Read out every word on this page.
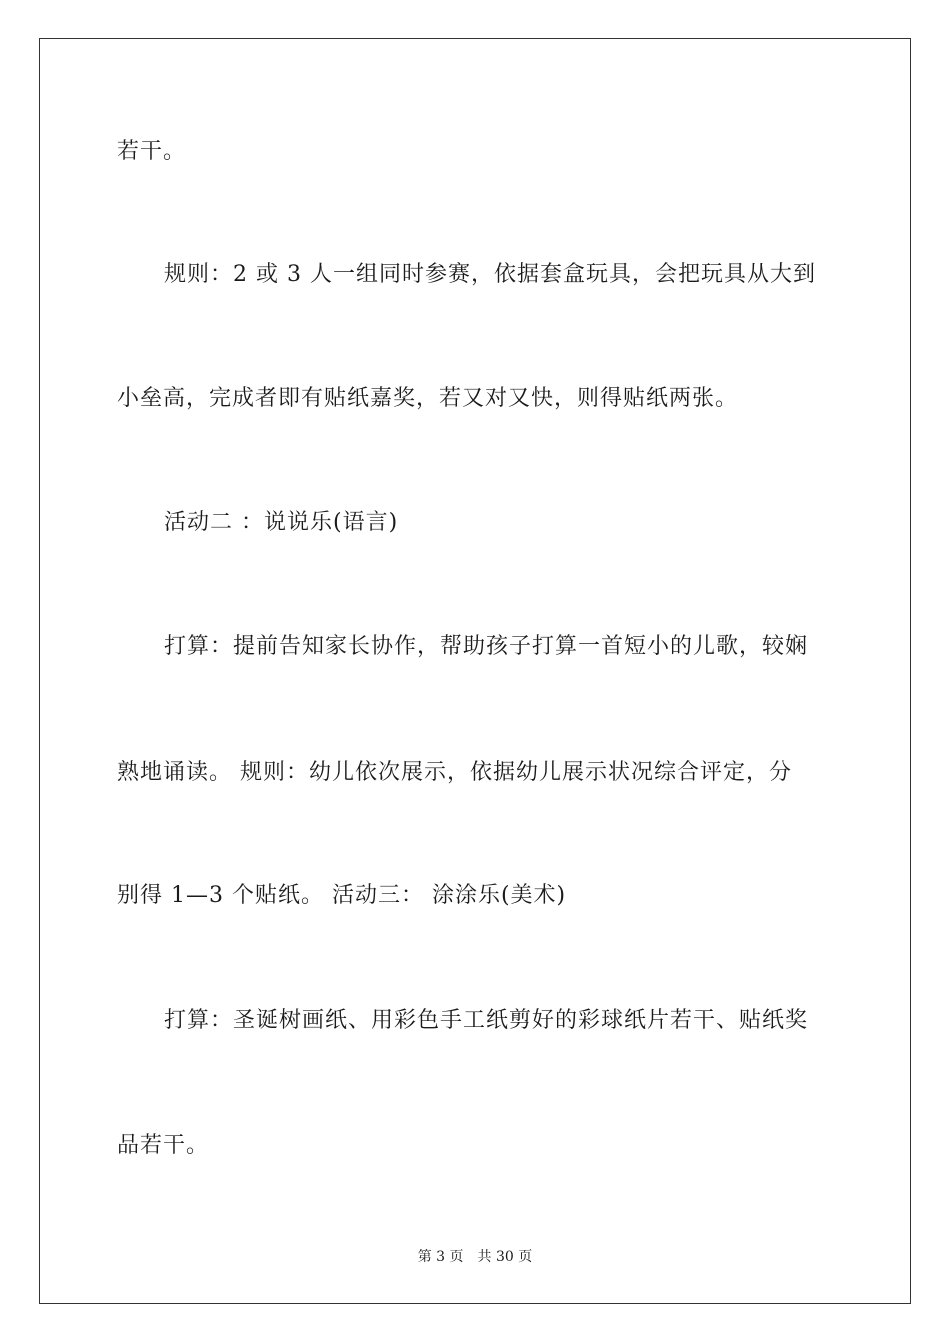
若干。
规则：2 或 3 人一组同时参赛，依据套盒玩具，会把玩具从大到
小垒高，完成者即有贴纸嘉奖，若又对又快，则得贴纸两张。
活动二 ：说说乐(语言)
打算：提前告知家长协作，帮助孩子打算一首短小的儿歌，较娴
熟地诵读。 规则：幼儿依次展示，依据幼儿展示状况综合评定，分
别得 1—3 个贴纸。 活动三： 涂涂乐(美术)
打算：圣诞树画纸、用彩色手工纸剪好的彩球纸片若干、贴纸奖
品若干。
第 3 页 共 30 页
